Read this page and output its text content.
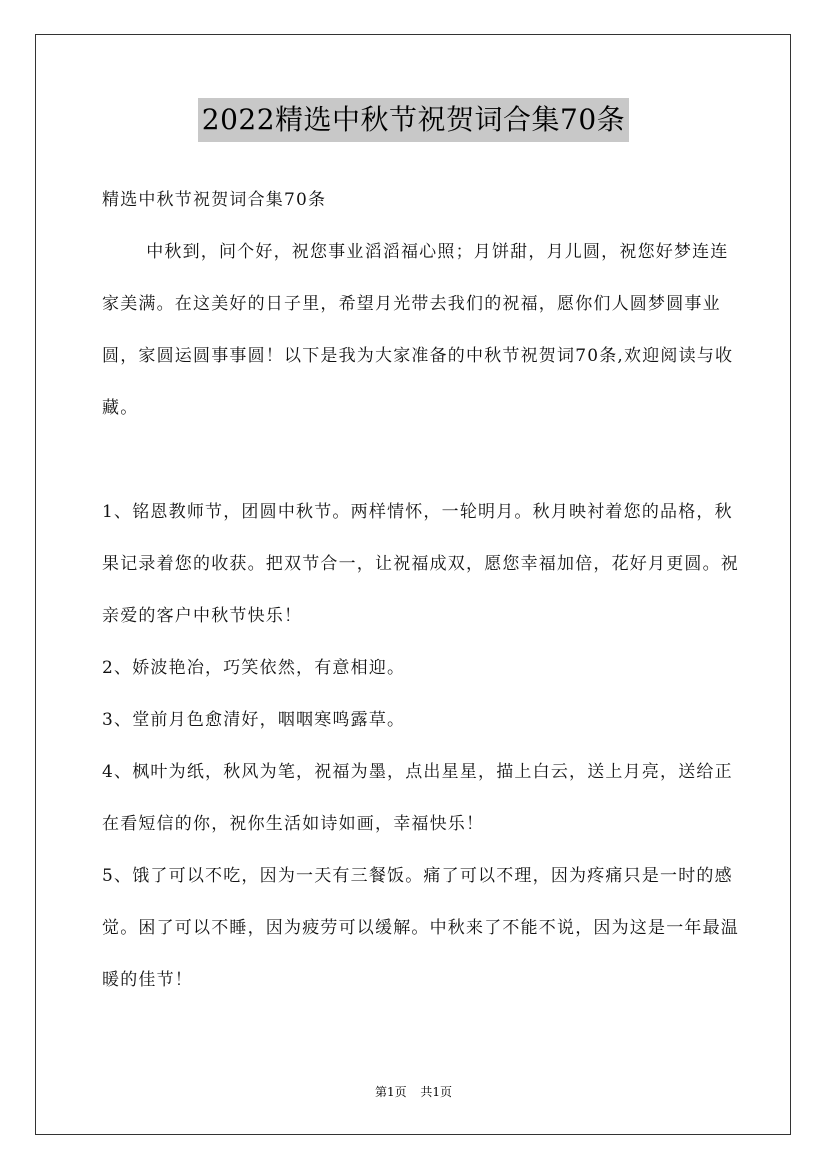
2022精选中秋节祝贺词合集70条

精选中秋节祝贺词合集70条

中秋到，问个好，祝您事业滔滔福心照；月饼甜，月儿圆，祝您好梦连连家美满。在这美好的日子里，希望月光带去我们的祝福，愿你们人圆梦圆事业圆，家圆运圆事事圆！以下是我为大家准备的中秋节祝贺词70条,欢迎阅读与收藏。

1、铭恩教师节，团圆中秋节。两样情怀，一轮明月。秋月映衬着您的品格，秋果记录着您的收获。把双节合一，让祝福成双，愿您幸福加倍，花好月更圆。祝亲爱的客户中秋节快乐！

2、娇波艳冶，巧笑依然，有意相迎。

3、堂前月色愈清好，咽咽寒鸣露草。

4、枫叶为纸，秋风为笔，祝福为墨，点出星星，描上白云，送上月亮，送给正在看短信的你，祝你生活如诗如画，幸福快乐！

5、饿了可以不吃，因为一天有三餐饭。痛了可以不理，因为疼痛只是一时的感觉。困了可以不睡，因为疲劳可以缓解。中秋来了不能不说，因为这是一年最温暖的佳节！

第1页 共1页
